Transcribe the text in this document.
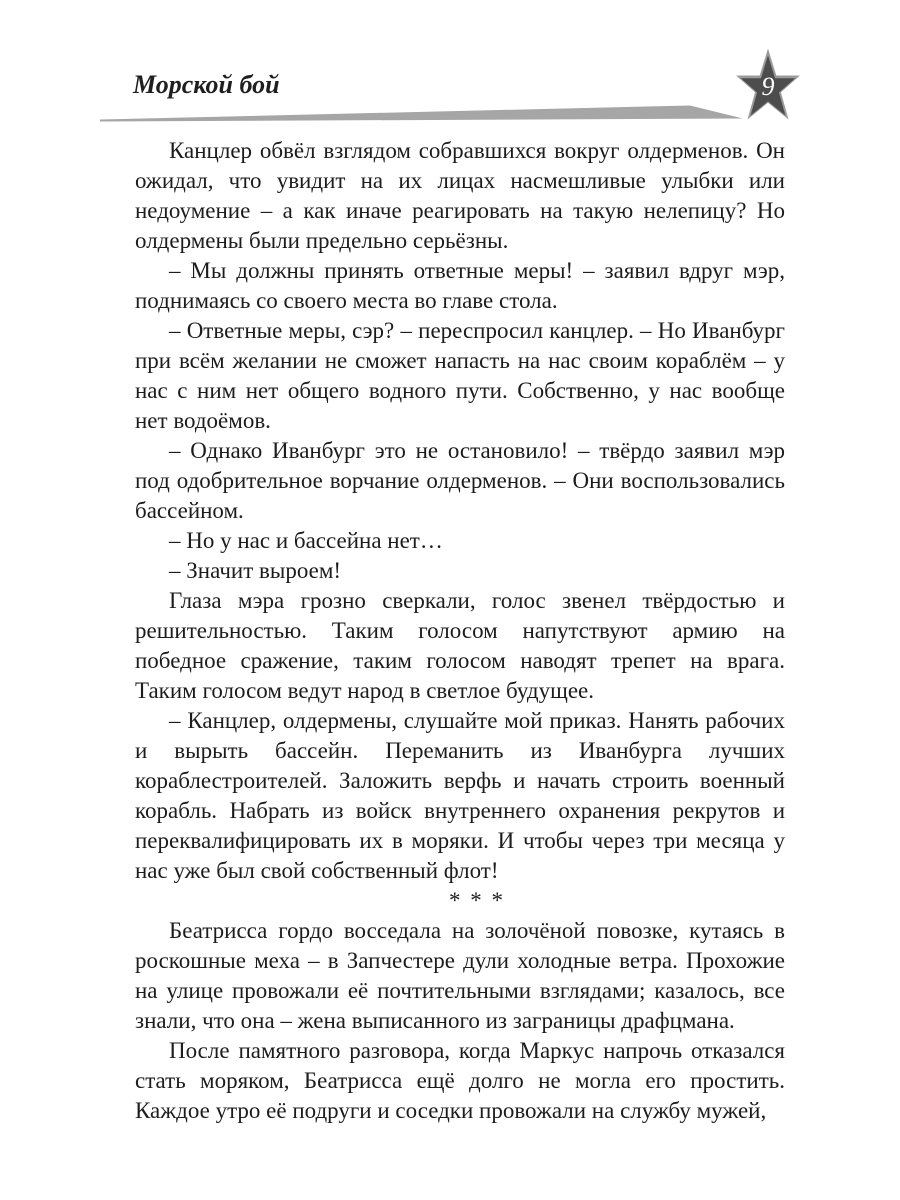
Морской бой	9

Канцлер обвёл взглядом собравшихся вокруг олдерменов. Он ожидал, что увидит на их лицах насмешливые улыбки или недоумение – а как иначе реагировать на такую нелепицу? Но олдермены были предельно серьёзны.

– Мы должны принять ответные меры! – заявил вдруг мэр, поднимаясь со своего места во главе стола.

– Ответные меры, сэр? – переспросил канцлер. – Но Иванбург при всём желании не сможет напасть на нас своим кораблём – у нас с ним нет общего водного пути. Собственно, у нас вообще нет водоёмов.

– Однако Иванбург это не остановило! – твёрдо заявил мэр под одобрительное ворчание олдерменов. – Они воспользовались бассейном.

– Но у нас и бассейна нет…

– Значит выроем!

Глаза мэра грозно сверкали, голос звенел твёрдостью и решительностью. Таким голосом напутствуют армию на победное сражение, таким голосом наводят трепет на врага. Таким голосом ведут народ в светлое будущее.

– Канцлер, олдермены, слушайте мой приказ. Нанять рабочих и вырыть бассейн. Переманить из Иванбурга лучших кораблестроителей. Заложить верфь и начать строить военный корабль. Набрать из войск внутреннего охранения рекрутов и переквалифицировать их в моряки. И чтобы через три месяца у нас уже был свой собственный флот!

* * *

Беатрисса гордо восседала на золочёной повозке, кутаясь в роскошные меха – в Запчестере дули холодные ветра. Прохожие на улице провожали её почтительными взглядами; казалось, все знали, что она – жена выписанного из заграницы драфцмана.

После памятного разговора, когда Маркус напрочь отказался стать моряком, Беатрисса ещё долго не могла его простить. Каждое утро её подруги и соседки провожали на службу мужей,
